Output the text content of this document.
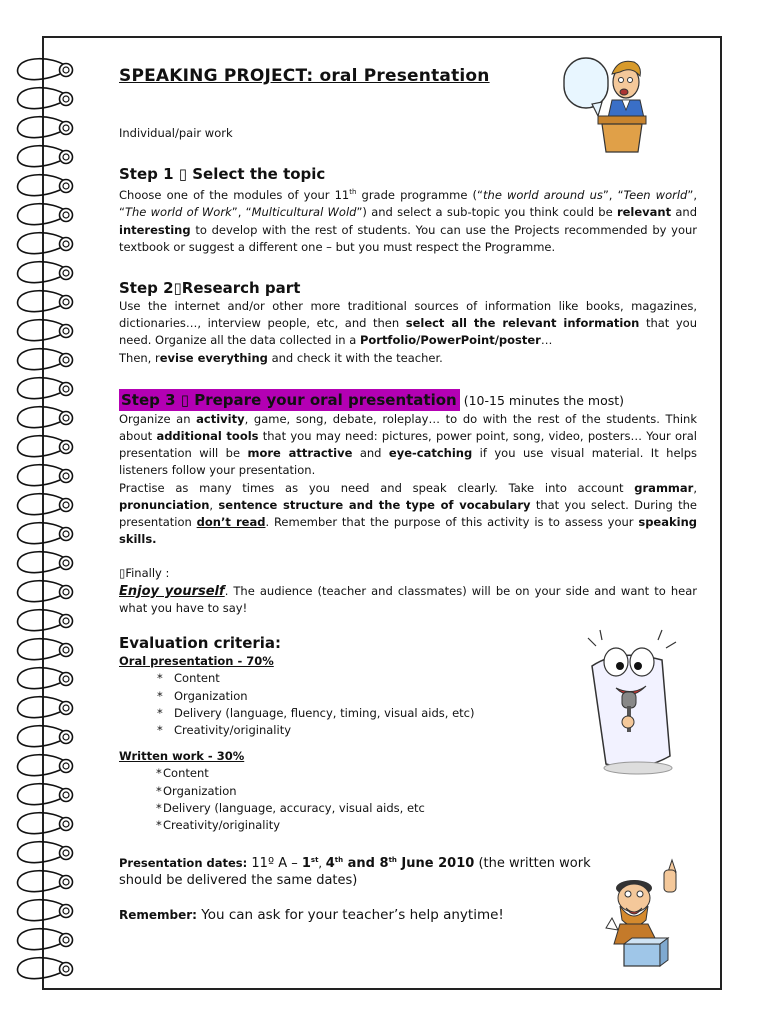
SPEAKING PROJECT: oral Presentation
Individual/pair work
Step 1 ▯ Select the topic

Choose one of the modules of your 11th grade programme (“the world around us”, “Teen world”, “The world of Work”, “Multicultural Wold”) and select a sub-topic you think could be relevant and interesting to develop with the rest of students. You can use the Projects recommended by your textbook or suggest a different one – but you must respect the Programme.

Step 2▯Research part

Use the internet and/or other more traditional sources of information like books, magazines, dictionaries…, interview people, etc, and then select all the relevant information that you need. Organize all the data collected in a Portfolio/PowerPoint/poster…

Then, revise everything and check it with the teacher.

Step 3 ▯ Prepare your oral presentation (10-15 minutes the most)

Organize an activity, game, song, debate, roleplay… to do with the rest of the students. Think about additional tools that you may need: pictures, power point, song, video, posters… Your oral presentation will be more attractive and eye-catching if you use visual material. It helps listeners follow your presentation.

Practise as many times as you need and speak clearly. Take into account grammar, pronunciation, sentence structure and the type of vocabulary that you select. During the presentation don’t read. Remember that the purpose of this activity is to assess your speaking skills.

▯Finally :

Enjoy yourself. The audience (teacher and classmates) will be on your side and want to hear what you have to say!

Evaluation criteria:
Oral presentation - 70%
* Content
* Organization
* Delivery (language, fluency, timing, visual aids, etc)
* Creativity/originality
Written work - 30%
* Content
* Organization
* Delivery (language, accuracy, visual aids, etc
* Creativity/originality

Presentation dates: 11º A – 1st, 4th and 8th June 2010 (the written work should be delivered the same dates)

Remember: You can ask for your teacher’s help anytime!
